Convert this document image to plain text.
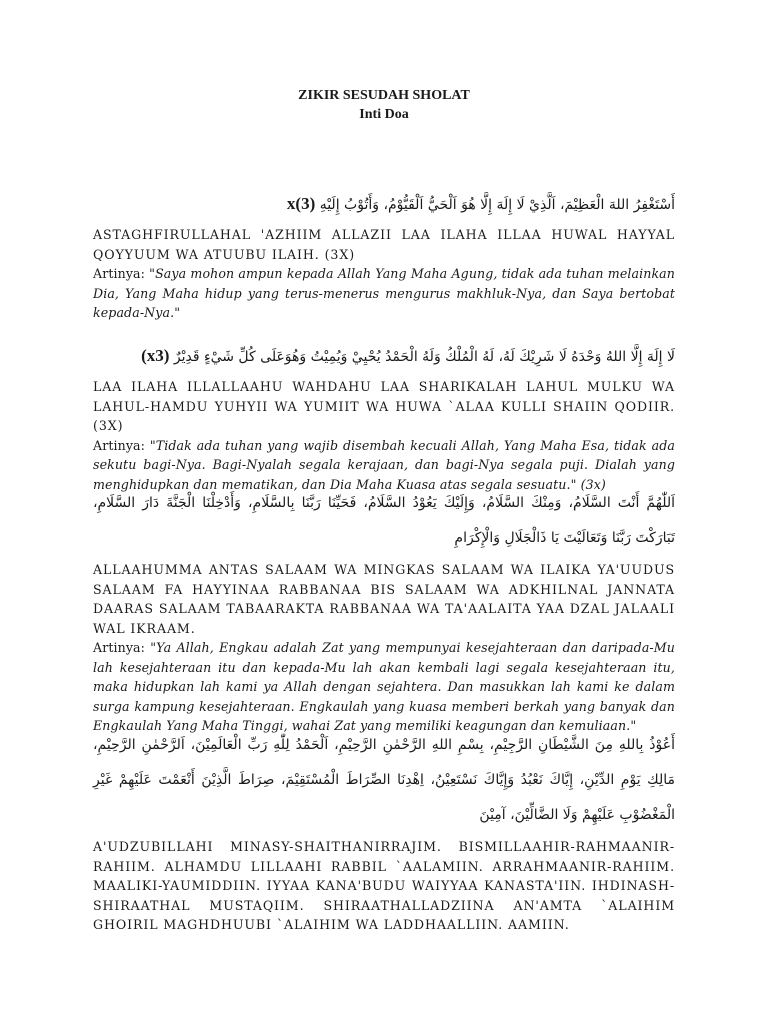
ZIKIR SESUDAH SHOLAT
Inti Doa
أَسْتَغْفِرُ اللهَ الْعَظِيْمَ، اَلَّذِيْ لَا إِلَهَ إِلَّا هُوَ اَلْحَيُّ اَلْقَيُّوْمُ، وَأَتُوْبُ إِلَيْهِ x(3)
ASTAGHFIRULLAHAL 'AZHIIM ALLAZII LAA ILAHA ILLAA HUWAL HAYYAL QOYYUUM WA ATUUBU ILAIH. (3X)
Artinya: "Saya mohon ampun kepada Allah Yang Maha Agung, tidak ada tuhan melainkan Dia, Yang Maha hidup yang terus-menerus mengurus makhluk-Nya, dan Saya bertobat kepada-Nya."
لَا إِلَهَ إِلَّا اللهُ وَحْدَهُ لَا شَرِيْكَ لَهُ، لَهُ الْمُلْكُ وَلَهُ الْحَمْدُ يُحْيِيْ وَيُمِيْتُ وَهُوَعَلَى كُلِّ شَيْءٍ قَدِيْرٌ (x3)
LAA ILAHA ILLALLAAHU WAHDAHU LAA SHARIKALAH LAHUL MULKU WA LAHUL-HAMDU YUHYII WA YUMIIT WA HUWA `ALAA KULLI SHAIIN QODIIR. (3X)
Artinya: "Tidak ada tuhan yang wajib disembah kecuali Allah, Yang Maha Esa, tidak ada sekutu bagi-Nya. Bagi-Nyalah segala kerajaan, dan bagi-Nya segala puji. Dialah yang menghidupkan dan mematikan, dan Dia Maha Kuasa atas segala sesuatu." (3x)
اَللّٰهُمَّ أَنْتَ السَّلَامُ، وَمِنْكَ السَّلَامُ، وَإِلَيْكَ يَعُوْدُ السَّلَامُ، فَحَيِّنَا رَبَّنَا بِالسَّلَامِ، وَأَدْخِلْنَا الْجَنَّةَ دَارَ السَّلَامِ، تَبَارَكْتَ رَبَّنَا وَتَعَالَيْتَ يَا ذَالْجَلَالِ وَالْإِكْرَامِ
ALLAAHUMMA ANTAS SALAAM WA MINGKAS SALAAM WA ILAIKA YA'UUDUS SALAAM FA HAYYINAA RABBANAA BIS SALAAM WA ADKHILNAL JANNATA DAARAS SALAAM TABAARAKTA RABBANAA WA TA'AALAITA YAA DZAL JALAALI WAL IKRAAM.
Artinya: "Ya Allah, Engkau adalah Zat yang mempunyai kesejahteraan dan daripada-Mu lah kesejahteraan itu dan kepada-Mu lah akan kembali lagi segala kesejahteraan itu, maka hidupkan lah kami ya Allah dengan sejahtera. Dan masukkan lah kami ke dalam surga kampung kesejahteraan. Engkaulah yang kuasa memberi berkah yang banyak dan Engkaulah Yang Maha Tinggi, wahai Zat yang memiliki keagungan dan kemuliaan."
أَعُوْذُ بِاللهِ مِنَ الشَّيْطَانِ الرَّجِيْمِ، بِسْمِ اللهِ الرَّحْمٰنِ الرَّحِيْمِ، اَلْحَمْدُ لِلّٰهِ رَبِّ الْعَالَمِيْنَ، اَلرَّحْمٰنِ الرَّحِيْمِ، مَالِكِ يَوْمِ الدِّيْنِ، إِيَّاكَ نَعْبُدُ وَإِيَّاكَ نَسْتَعِيْنُ، اِهْدِنَا الصِّرَاطَ الْمُسْتَقِيْمَ، صِرَاطَ الَّذِيْنَ أَنْعَمْتَ عَلَيْهِمْ غَيْرِ الْمَغْضُوْبِ عَلَيْهِمْ وَلَا الضَّالِّيْنَ، آمِيْنَ
A'UDZUBILLAHI MINASY-SHAITHANIRRAJIM. BISMILLAAHIR-RAHMAANIR-RAHIIM. ALHAMDU LILLAAHI RABBIL `AALAMIIN. ARRAHMAANIR-RAHIIM. MAALIKI-YAUMIDDIIN. IYYAA KANA'BUDU WAIYYAA KANASTA'IIN. IHDINASH-SHIRAATHAL MUSTAQIIM. SHIRAATHALLADZIINA AN'AMTA `ALAIHIM GHOIRIL MAGHDHUUBI `ALAIHIM WA LADDHAALLIIN. AAMIIN.
